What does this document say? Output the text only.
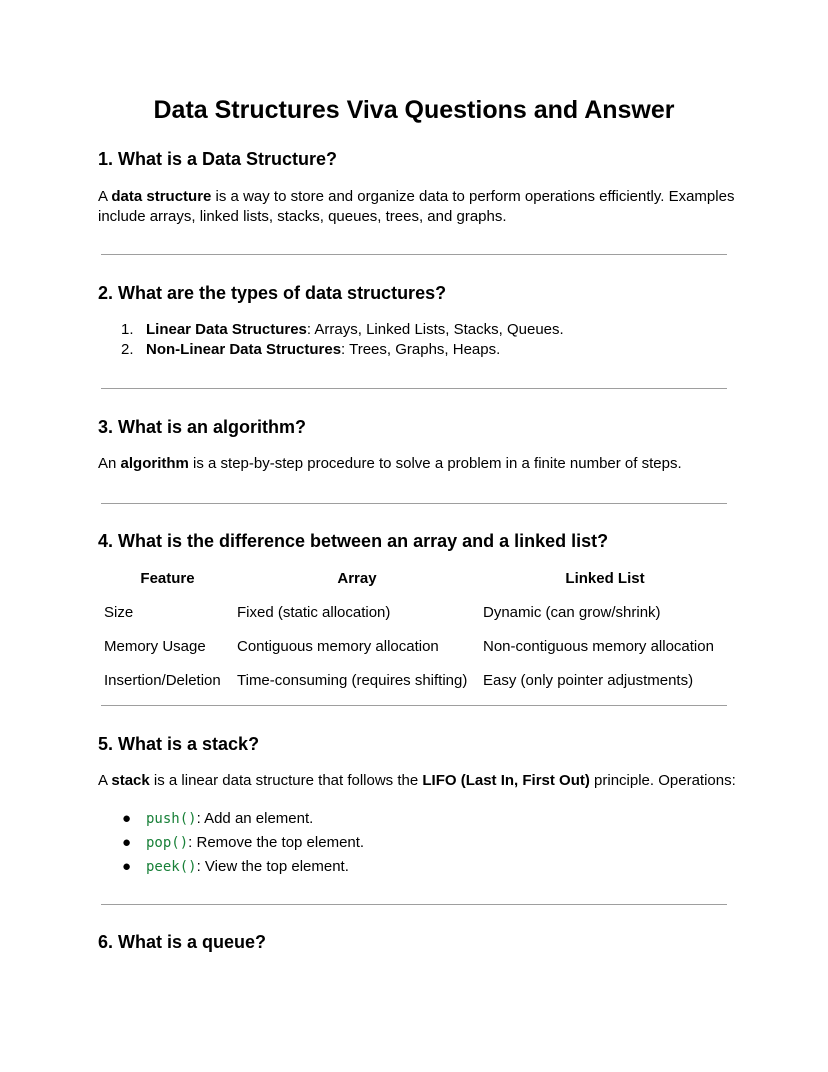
Data Structures Viva Questions and Answer
1. What is a Data Structure?

A data structure is a way to store and organize data to perform operations efficiently. Examples include arrays, linked lists, stacks, queues, trees, and graphs.

2. What are the types of data structures?
1. Linear Data Structures: Arrays, Linked Lists, Stacks, Queues.
2. Non-Linear Data Structures: Trees, Graphs, Heaps.
3. What is an algorithm?

An algorithm is a step-by-step procedure to solve a problem in a finite number of steps.

4. What is the difference between an array and a linked list?
Feature	Array	Linked List
Size	Fixed (static allocation)	Dynamic (can grow/shrink)
Memory Usage	Contiguous memory allocation	Non-contiguous memory allocation
Insertion/Deletion	Time-consuming (requires shifting)	Easy (only pointer adjustments)
5. What is a stack?

A stack is a linear data structure that follows the LIFO (Last In, First Out) principle. Operations:

● push(): Add an element.
● pop(): Remove the top element.
● peek(): View the top element.
6. What is a queue?
